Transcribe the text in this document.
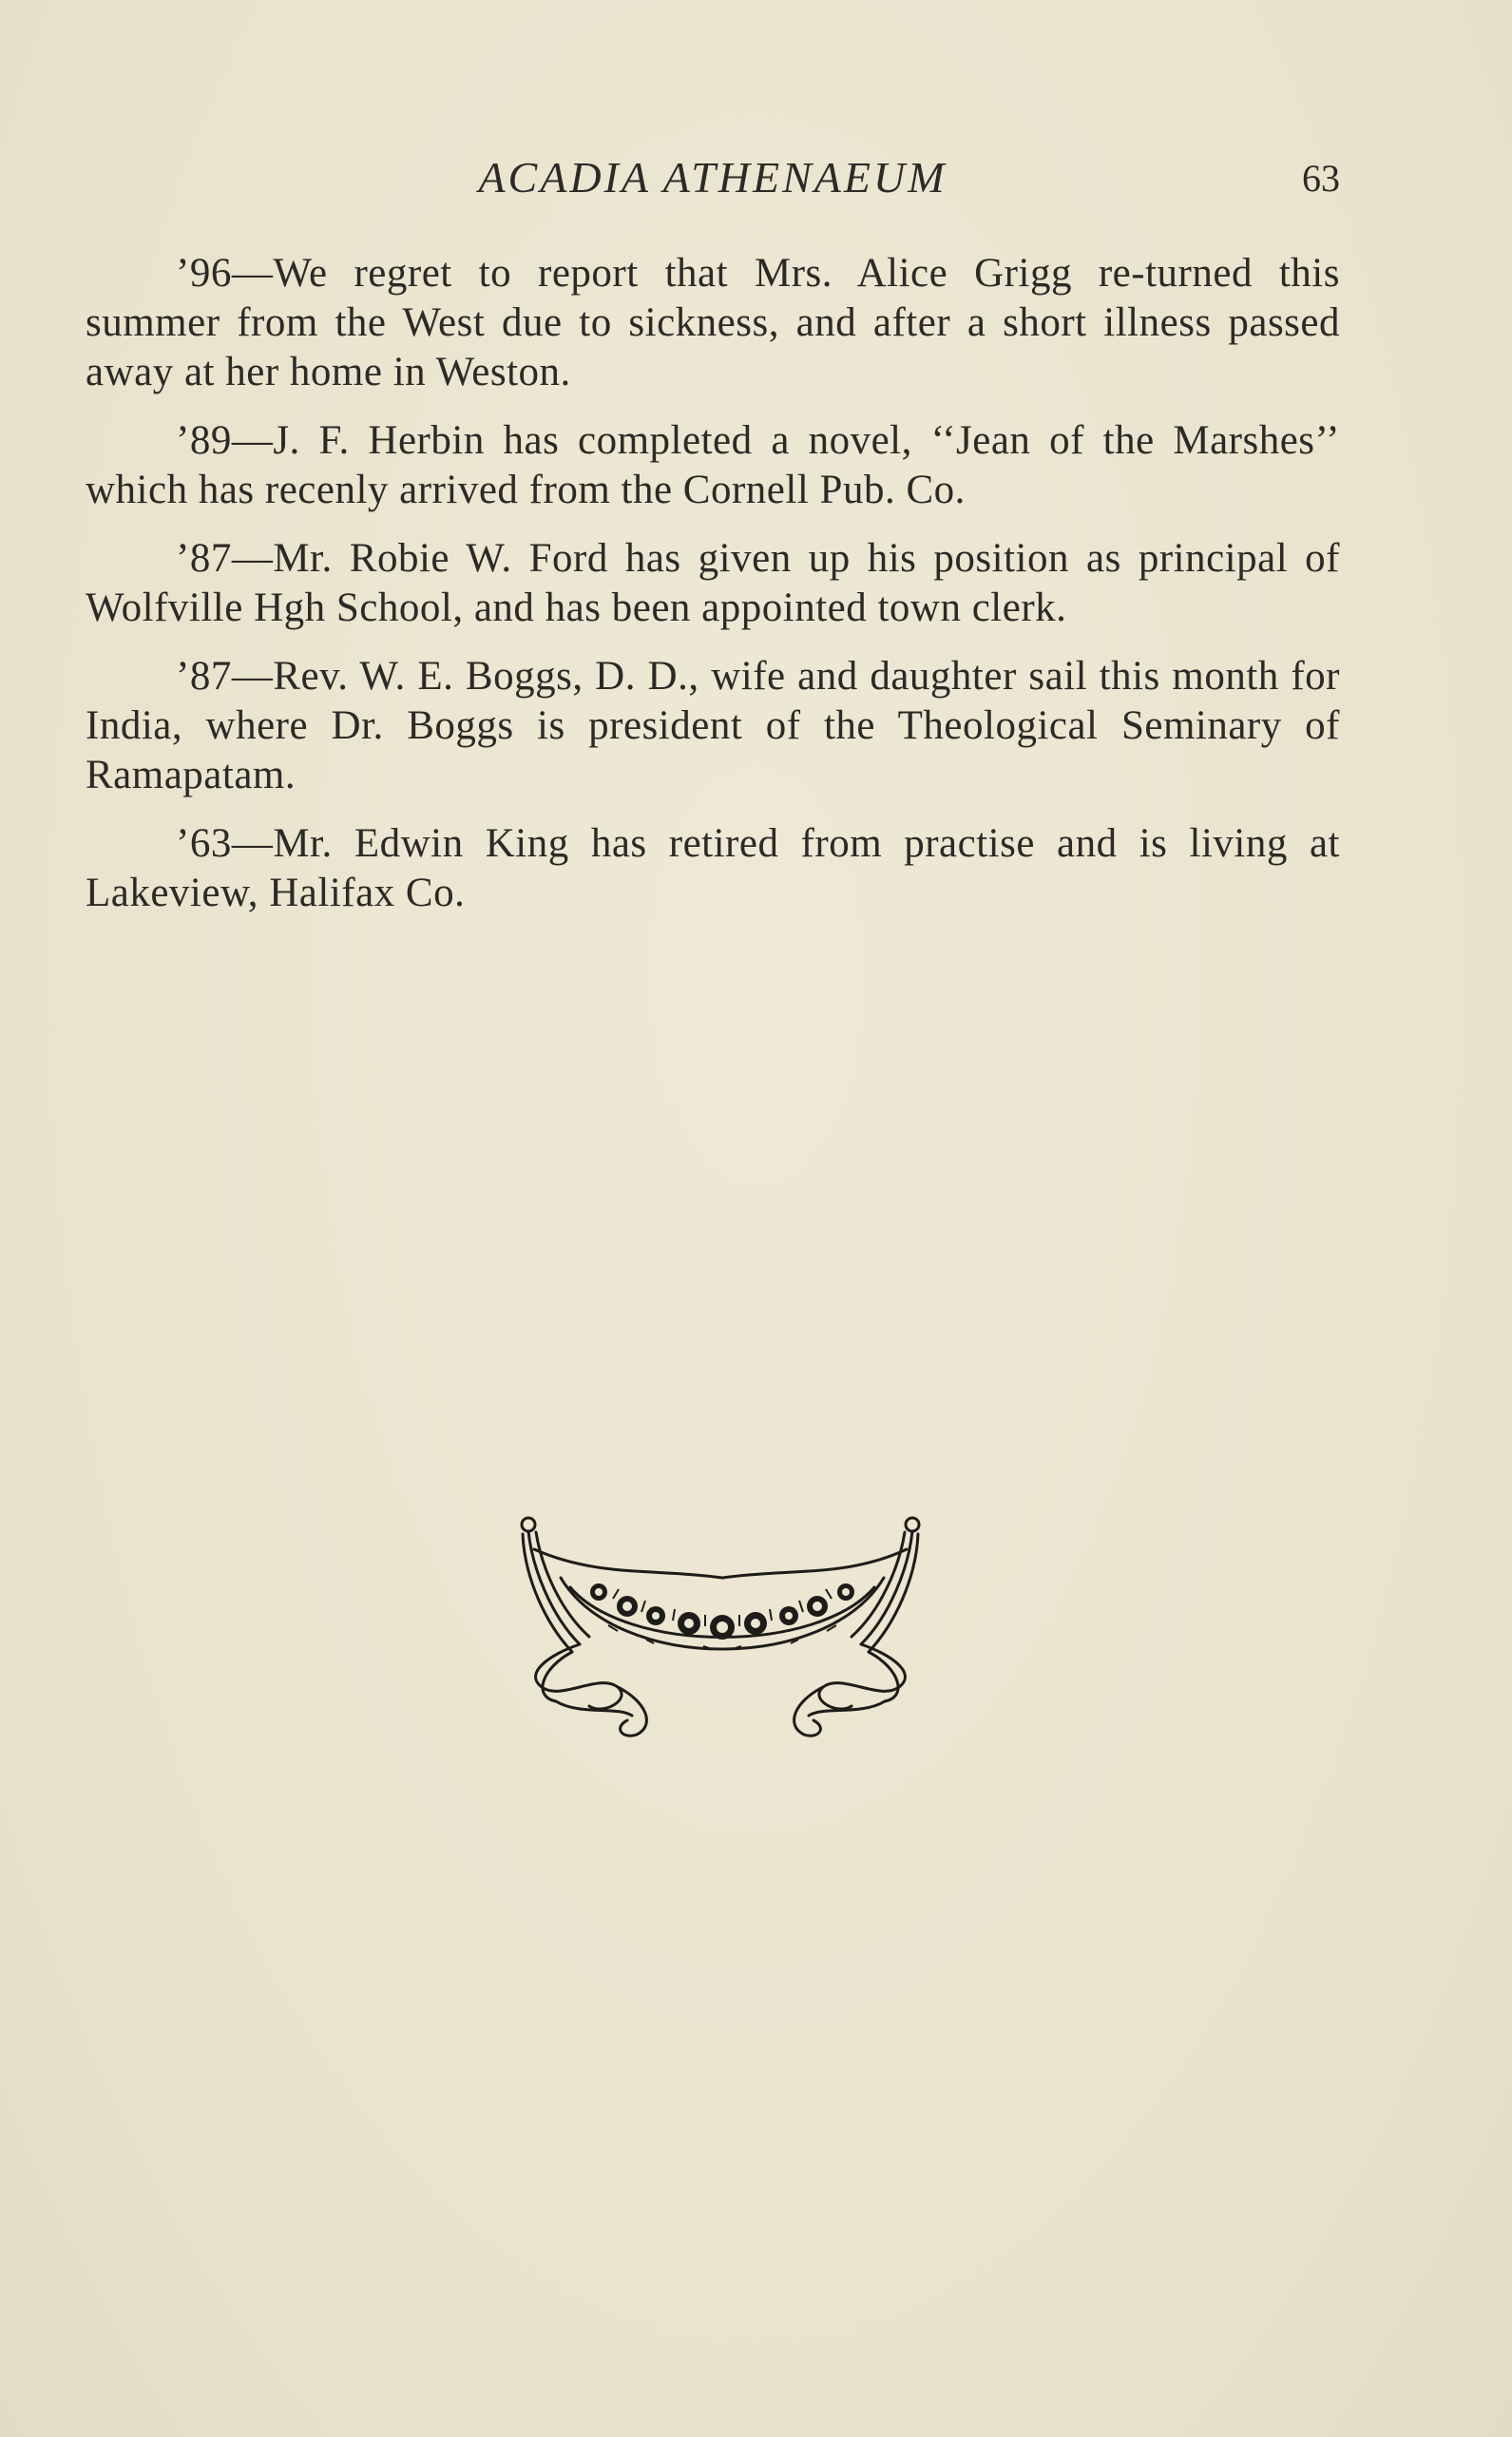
ACADIA ATHENAEUM	63

’96—We regret to report that Mrs. Alice Grigg re-turned this summer from the West due to sickness, and after a short illness passed away at her home in Weston.

’89—J. F. Herbin has completed a novel, ‘‘Jean of the Marshes’’ which has recenly arrived from the Cornell Pub. Co.

’87—Mr. Robie W. Ford has given up his position as principal of Wolfville Hgh School, and has been appointed town clerk.

’87—Rev. W. E. Boggs, D. D., wife and daughter sail this month for India, where Dr. Boggs is president of the Theological Seminary of Ramapatam.

’63—Mr. Edwin King has retired from practise and is living at Lakeview, Halifax Co.
